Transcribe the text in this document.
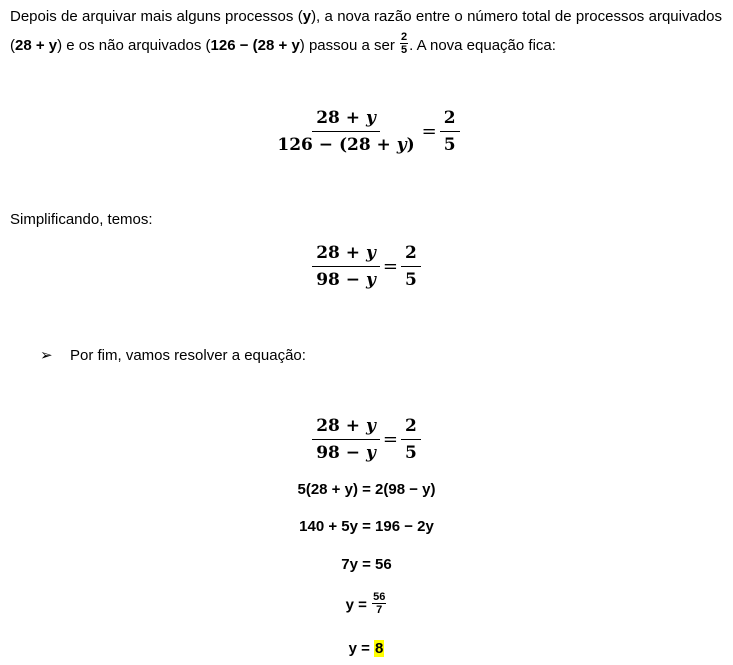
Depois de arquivar mais alguns processos (y), a nova razão entre o número total de processos arquivados (28 + y) e os não arquivados (126 − (28 + y) passou a ser $\frac{2}{5}$ . A nova equação fica:
$\frac{28 + y}{126 - (28 + y)} = \frac{2}{5}$
Simplificando, temos:
$\frac{28 + y}{98 - y} = \frac{2}{5}$
➢ Por fim, vamos resolver a equação:
$\frac{28 + y}{98 - y} = \frac{2}{5}$
5(28 + y) = 2(98 − y)
140 + 5y = 196 − 2y
7y = 56
$y = \frac{56}{7}$
y = 8
